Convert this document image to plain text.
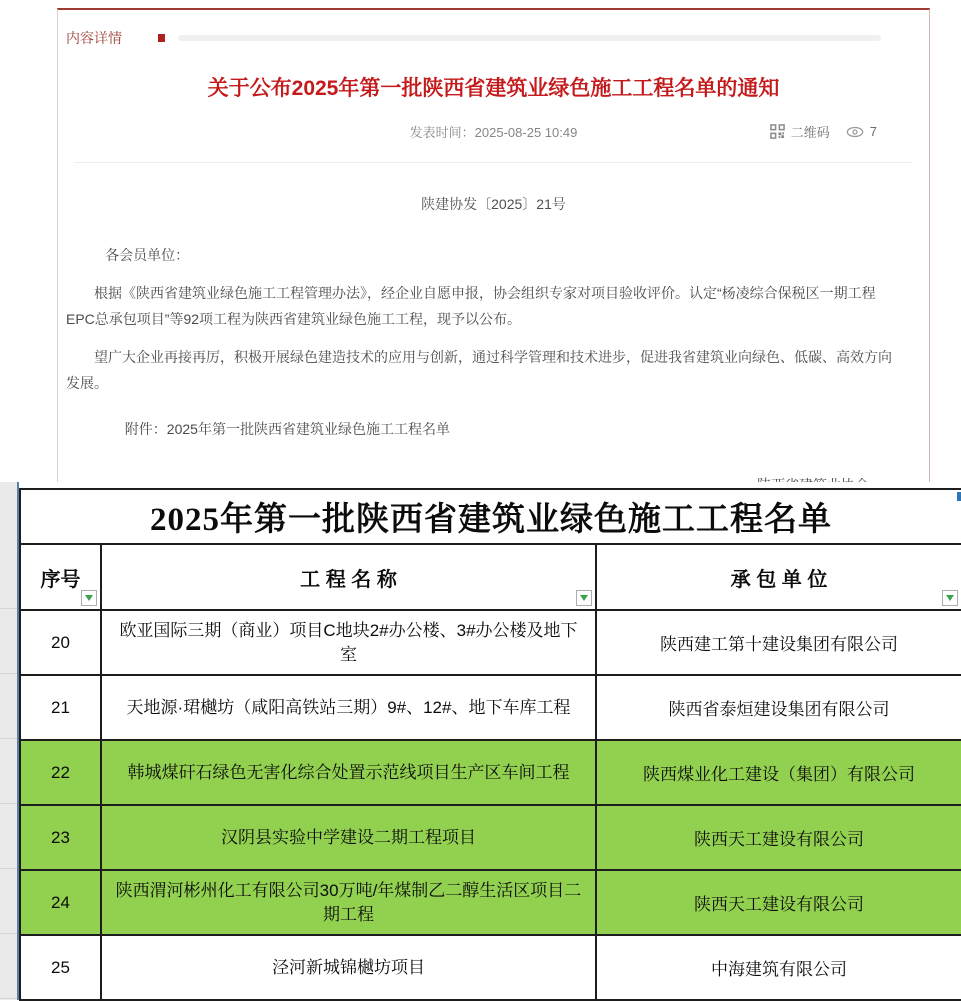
内容详情
关于公布2025年第一批陕西省建筑业绿色施工工程名单的通知
发表时间：2025-08-25 10:49	二维码	7
陕建协发〔2025〕21号
各会员单位：

根据《陕西省建筑业绿色施工工程管理办法》，经企业自愿申报，协会组织专家对项目验收评价。认定“杨凌综合保税区一期工程EPC总承包项目”等92项工程为陕西省建筑业绿色施工工程，现予以公布。

望广大企业再接再厉，积极开展绿色建造技术的应用与创新，通过科学管理和技术进步，促进我省建筑业向绿色、低碳、高效方向发展。

附件：2025年第一批陕西省建筑业绿色施工工程名单
2025年第一批陕西省建筑业绿色施工工程名单		
序号	工 程 名 称	承 包 单 位

20	欧亚国际三期（商业）项目C地块2#办公楼、3#办公楼及地下室	陕西建工第十建设集团有限公司
21	天地源·珺樾坊（咸阳高铁站三期）9#、12#、地下车库工程	陕西省泰烜建设集团有限公司
22	韩城煤矸石绿色无害化综合处置示范线项目生产区车间工程	陕西煤业化工建设（集团）有限公司
23	汉阴县实验中学建设二期工程项目	陕西天工建设有限公司
24	陕西渭河彬州化工有限公司30万吨/年煤制乙二醇生活区项目二期工程	陕西天工建设有限公司
25	泾河新城锦樾坊项目	中海建筑有限公司
